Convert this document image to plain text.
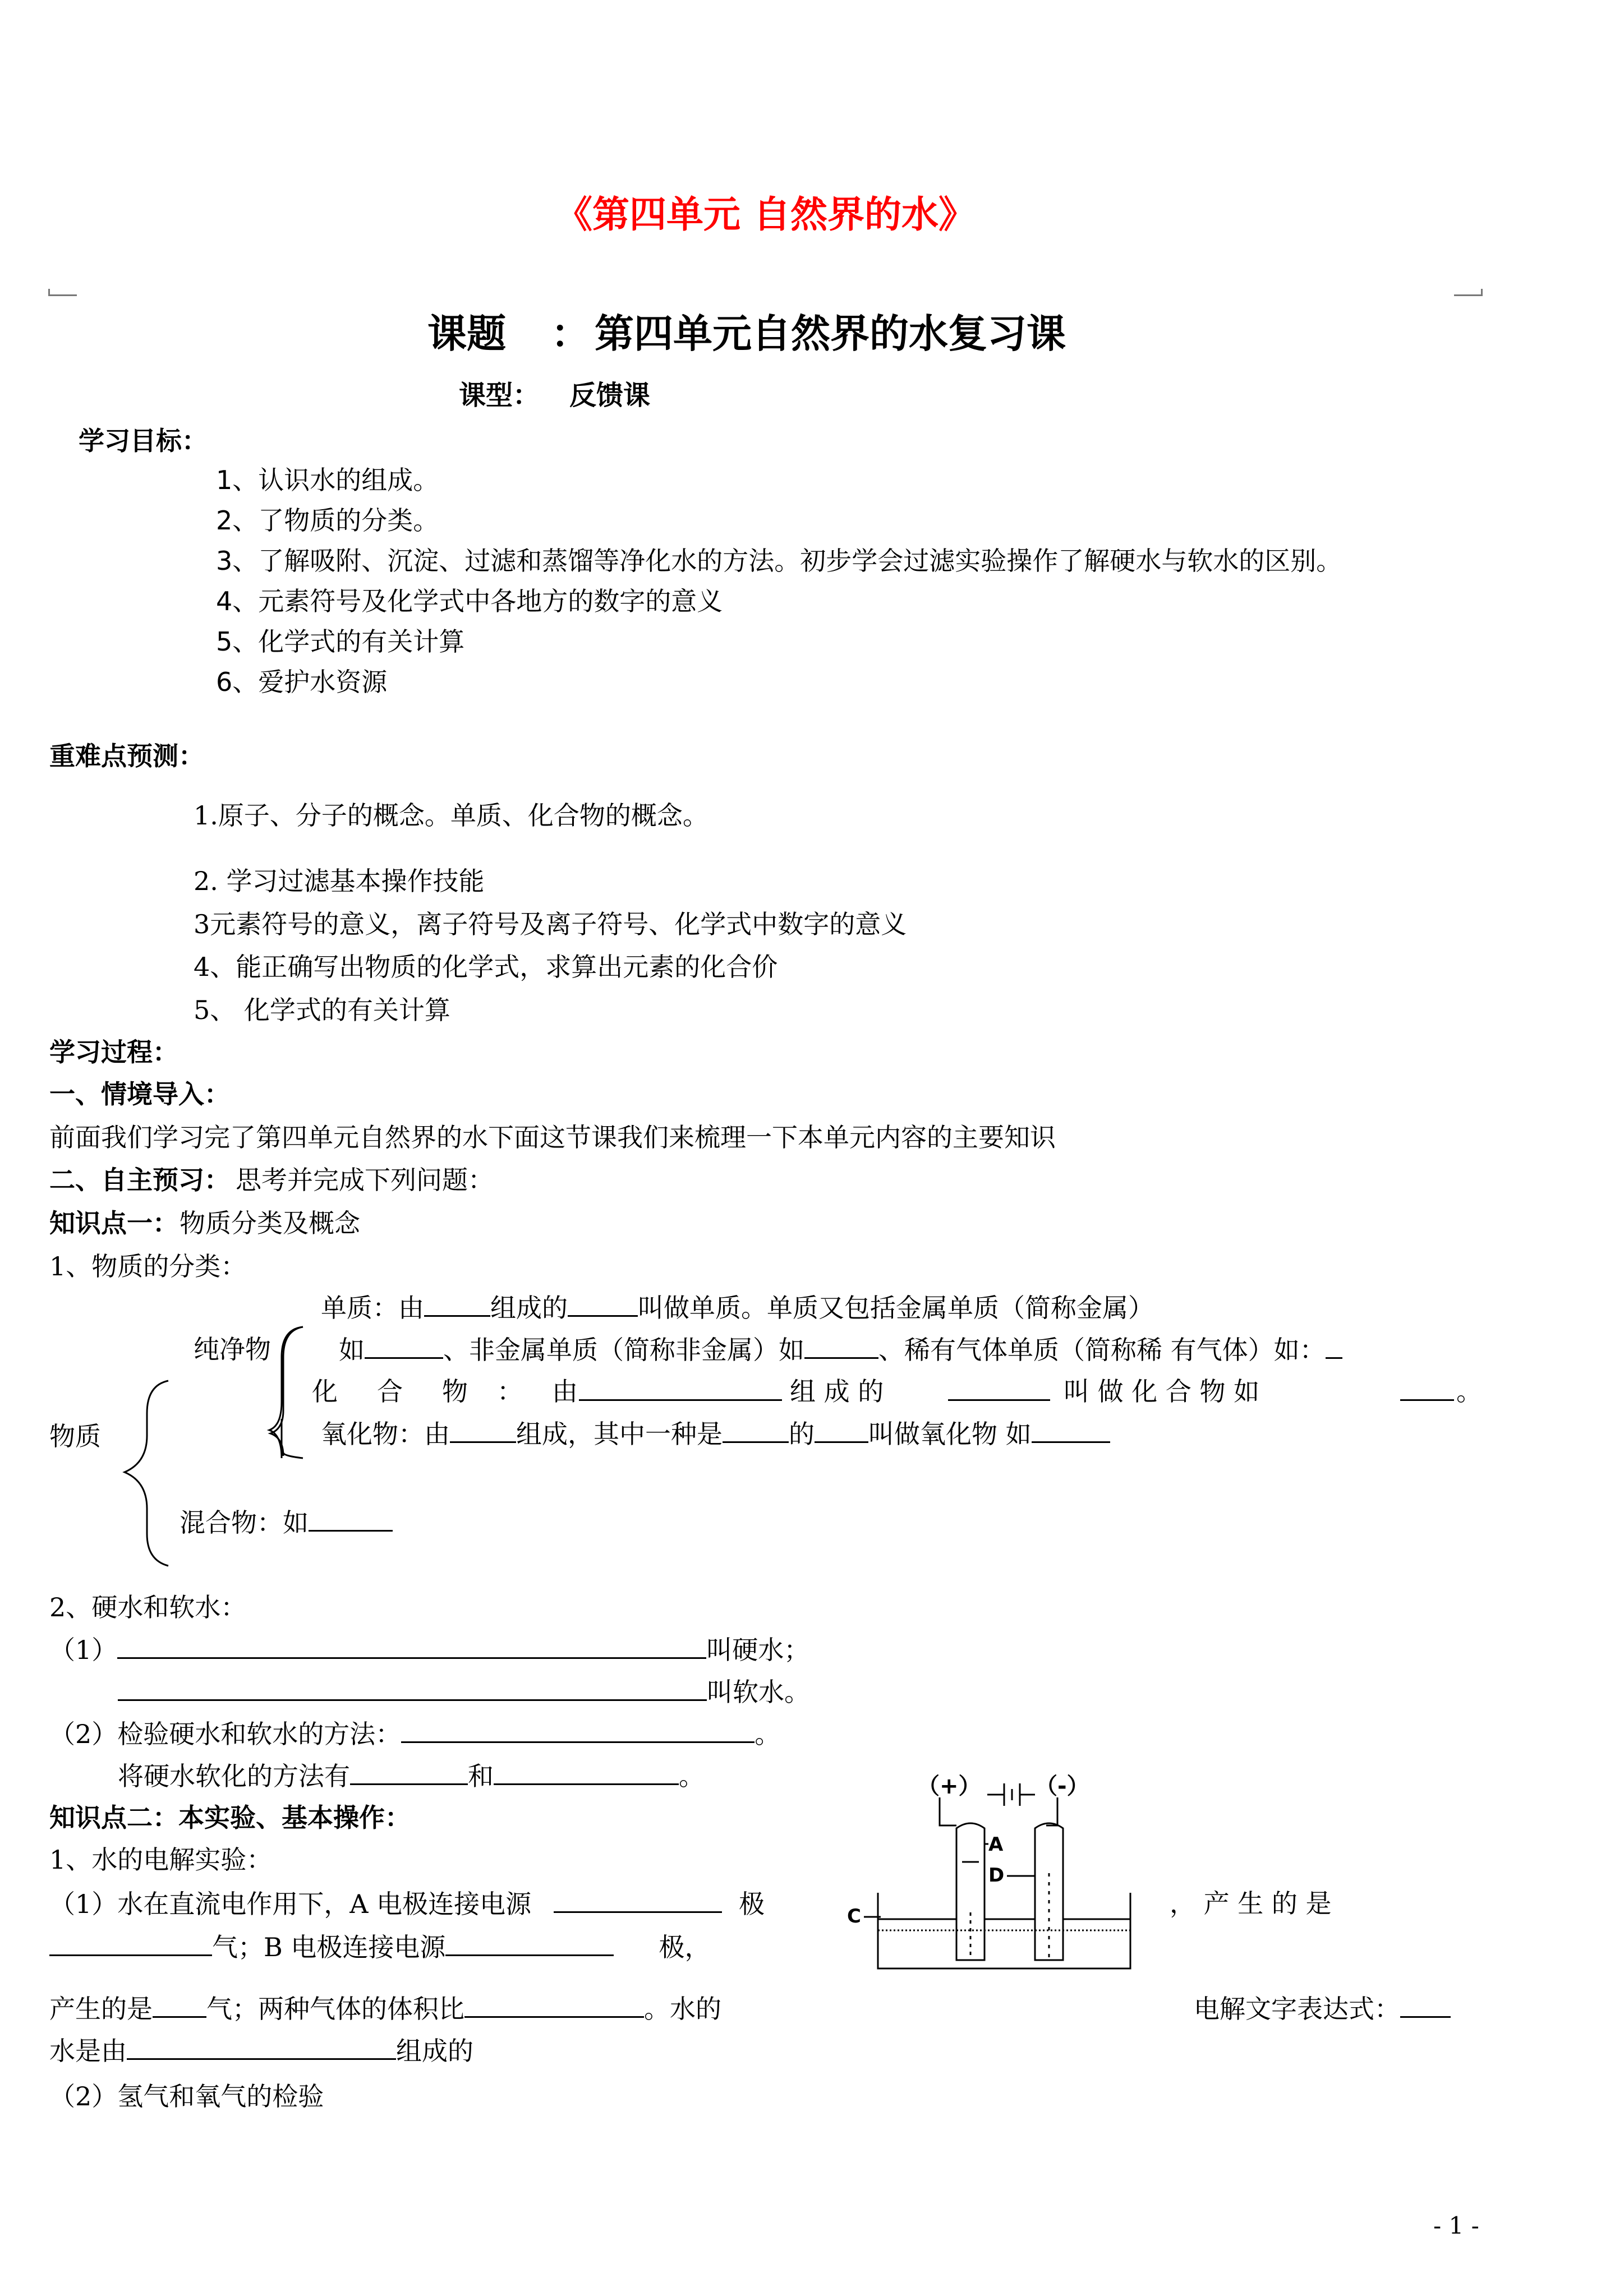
《第四单元 自然界的水》
课题 ： 第四单元自然界的水复习课
课型： 反馈课
学习目标：
1、认识水的组成。
2、了物质的分类。
3、了解吸附、沉淀、过滤和蒸馏等净化水的方法。初步学会过滤实验操作了解硬水与软水的区别。
4、元素符号及化学式中各地方的数字的意义
5、化学式的有关计算
6、爱护水资源
重难点预测：
1.原子、分子的概念。单质、化合物的概念。
2. 学习过滤基本操作技能
3元素符号的意义，离子符号及离子符号、化学式中数字的意义
4、能正确写出物质的化学式，求算出元素的化合价
5、 化学式的有关计算
学习过程：
一、情境导入：
前面我们学习完了第四单元自然界的水下面这节课我们来梳理一下本单元内容的主要知识
二、自主预习： 思考并完成下列问题：
知识点一： 物质分类及概念
1、物质的分类：
单质：由	组成的	叫做单质。单质又包括金属单质（简称金属）
纯净物	如	、非金属单质（简称非金属）如	、稀有气体单质（简称稀 有气体）如：
化 合 物 ： 由	组 成 的	叫 做 化 合 物 如	。
物质	氧化物：由	组成，其中一种是	的 叫做氧化物 如
混合物：如
2、硬水和软水：
（1）	叫硬水；
叫软水。
（2）检验硬水和软水的方法：	。
将硬水软化的方法有	和	。
知识点二：本实验、基本操作：
1、水的电解实验：
（1）水在直流电作用下，A 电极连接电源	极	， 产 生 的 是
气；B 电极连接电源	极，
产生的是 气；两种气体的体积比	。水的	电解文字表达式：
水是由	组成的
（2）氢气和氧气的检验
（+） （-）
A
D
C
- 1 -
